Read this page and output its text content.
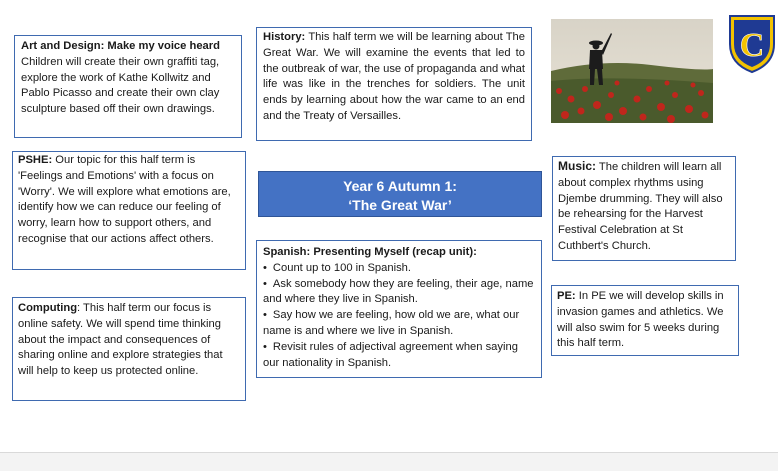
Art and Design: Make my voice heard
Children will create their own graffiti tag, explore the work of Kathe Kollwitz and Pablo Picasso and create their own clay sculpture based off their own drawings.
History: This half term we will be learning about The Great War. We will examine the events that led to the outbreak of war, the use of propaganda and what life was like in the trenches for soldiers. The unit ends by learning about how the war came to an end and the Treaty of Versailles.
C
PSHE: Our topic for this half term is 'Feelings and Emotions' with a focus on 'Worry'. We will explore what emotions are, identify how we can reduce our feeling of worry, learn how to support others, and recognise that our actions affect others.
Year 6 Autumn 1:
‘The Great War’
Music: The children will learn all about complex rhythms using Djembe drumming. They will also be rehearsing for the Harvest Festival Celebration at St Cuthbert's Church.
Spanish: Presenting Myself (recap unit):
• Count up to 100 in Spanish.
• Ask somebody how they are feeling, their age, name and where they live in Spanish.
• Say how we are feeling, how old we are, what our name is and where we live in Spanish.
• Revisit rules of adjectival agreement when saying our nationality in Spanish.
Computing: This half term our focus is online safety. We will spend time thinking about the impact and consequences of sharing online and explore strategies that will help to keep us protected online.
PE: In PE we will develop skills in invasion games and athletics. We will also swim for 5 weeks during this half term.
